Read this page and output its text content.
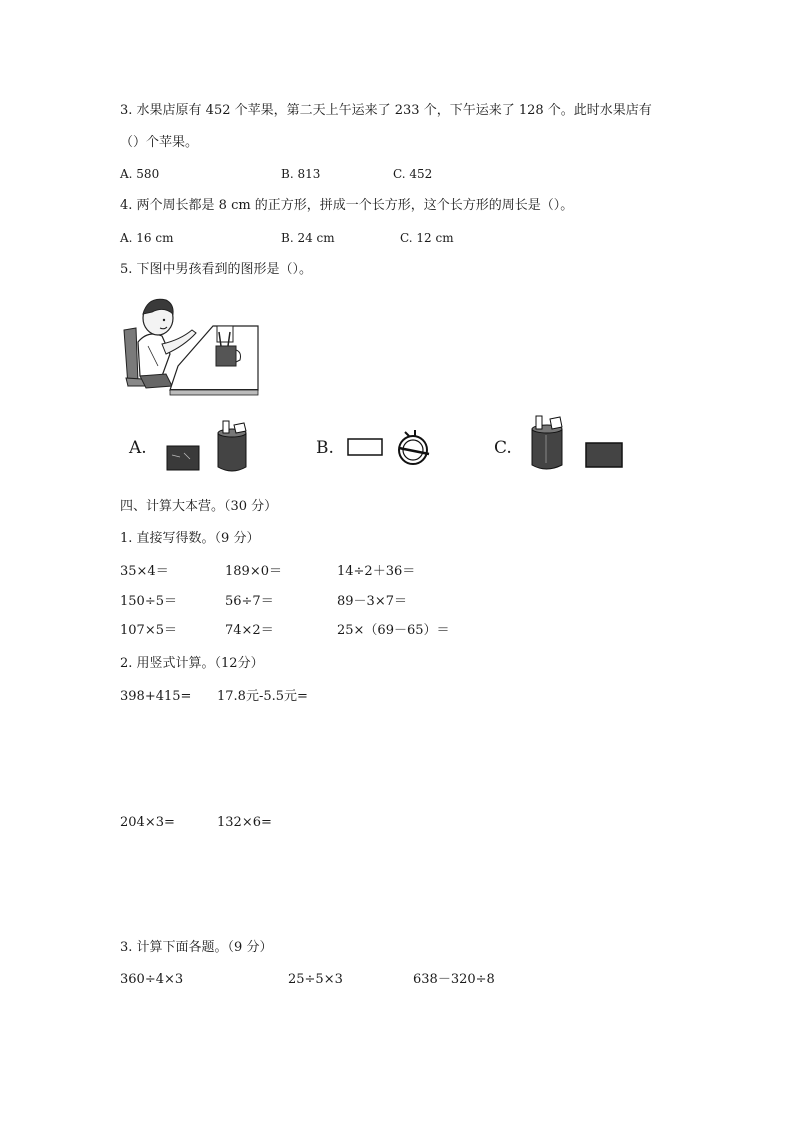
3. 水果店原有 452 个苹果，第二天上午运来了 233 个，下午运来了 128 个。此时水果店有
（）个苹果。
A. 580	B. 813	C. 452
4. 两个周长都是 8 cm 的正方形，拼成一个长方形，这个长方形的周长是（）。
A. 16 cm	B. 24 cm	C. 12 cm
5. 下图中男孩看到的图形是（）。
A.	B.	C.
四、计算大本营。（30 分）
1. 直接写得数。（9 分）
35×4＝	189×0＝	14÷2＋36＝
150÷5＝	56÷7＝	89－3×7＝
107×5＝	74×2＝	25×（69－65）＝
2. 用竖式计算。（12分）
398+415= 17.8元-5.5元=
204×3=	132×6=
3. 计算下面各题。（9 分）
360÷4×3	25÷5×3	638－320÷8
